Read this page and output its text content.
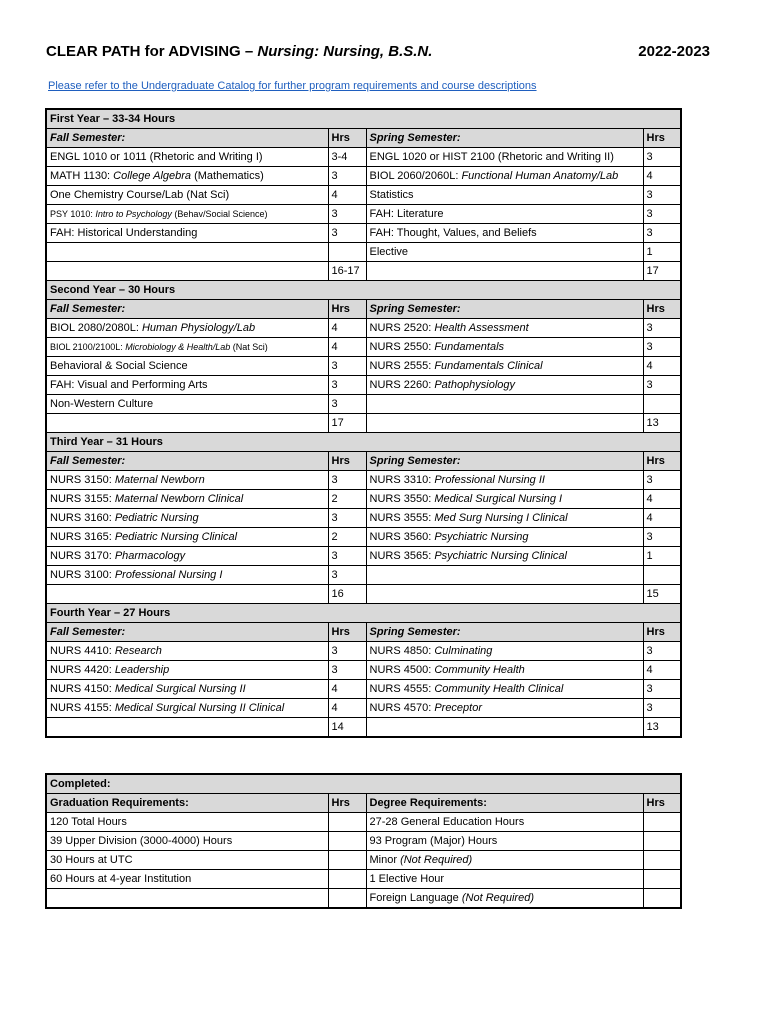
CLEAR PATH for ADVISING – Nursing: Nursing, B.S.N.	2022-2023
Please refer to the Undergraduate Catalog for further program requirements and course descriptions
First Year – 33-34 Hours			
Fall Semester:	Hrs	Spring Semester:	Hrs
ENGL 1010 or 1011 (Rhetoric and Writing I)	3-4	ENGL 1020 or HIST 2100 (Rhetoric and Writing II)	3
MATH 1130: College Algebra (Mathematics)	3	BIOL 2060/2060L: Functional Human Anatomy/Lab	4
One Chemistry Course/Lab (Nat Sci)	4	Statistics	3
PSY 1010: Intro to Psychology (Behav/Social Science)	3	FAH: Literature	3
FAH: Historical Understanding	3	FAH: Thought, Values, and Beliefs	3
		Elective	1
	16-17		17
Second Year – 30 Hours			
Fall Semester:	Hrs	Spring Semester:	Hrs
BIOL 2080/2080L: Human Physiology/Lab	4	NURS 2520: Health Assessment	3
BIOL 2100/2100L: Microbiology & Health/Lab (Nat Sci)	4	NURS 2550: Fundamentals	3
Behavioral & Social Science	3	NURS 2555: Fundamentals Clinical	4
FAH: Visual and Performing Arts	3	NURS 2260: Pathophysiology	3
Non-Western Culture	3		
	17		13
Third Year – 31 Hours			
Fall Semester:	Hrs	Spring Semester:	Hrs
NURS 3150: Maternal Newborn	3	NURS 3310: Professional Nursing II	3
NURS 3155: Maternal Newborn Clinical	2	NURS 3550: Medical Surgical Nursing I	4
NURS 3160: Pediatric Nursing	3	NURS 3555: Med Surg Nursing I Clinical	4
NURS 3165: Pediatric Nursing Clinical	2	NURS 3560: Psychiatric Nursing	3
NURS 3170: Pharmacology	3	NURS 3565: Psychiatric Nursing Clinical	1
NURS 3100: Professional Nursing I	3		
	16		15
Fourth Year – 27 Hours			
Fall Semester:	Hrs	Spring Semester:	Hrs
NURS 4410: Research	3	NURS 4850: Culminating	3
NURS 4420: Leadership	3	NURS 4500: Community Health	4
NURS 4150: Medical Surgical Nursing II	4	NURS 4555: Community Health Clinical	3
NURS 4155: Medical Surgical Nursing II Clinical	4	NURS 4570: Preceptor	3
	14		13
Completed:			
Graduation Requirements:	Hrs	Degree Requirements:	Hrs
120 Total Hours		27-28 General Education Hours	
39 Upper Division (3000-4000) Hours		93 Program (Major) Hours	
30 Hours at UTC		Minor (Not Required)	
60 Hours at 4-year Institution		1 Elective Hour	
		Foreign Language (Not Required)	
